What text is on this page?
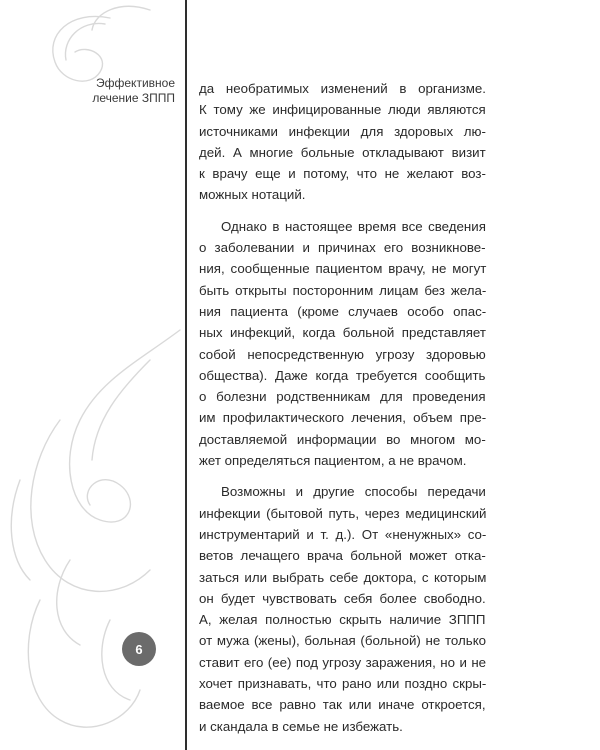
Эффективное
лечение ЗППП
6

да необратимых изменений в организме.
К тому же инфицированные люди являются
источниками инфекции для здоровых лю-
дей. А многие больные откладывают визит
к врачу еще и потому, что не желают воз-
можных нотаций.

Однако в настоящее время все сведения
о заболевании и причинах его возникнове-
ния, сообщенные пациентом врачу, не могут
быть открыты посторонним лицам без жела-
ния пациента (кроме случаев особо опас-
ных инфекций, когда больной представляет
собой непосредственную угрозу здоровью
общества). Даже когда требуется сообщить
о болезни родственникам для проведения
им профилактического лечения, объем пре-
доставляемой информации во многом мо-
жет определяться пациентом, а не врачом.

Возможны и другие способы передачи
инфекции (бытовой путь, через медицинский
инструментарий и т. д.). От «ненужных» со-
ветов лечащего врача больной может отка-
заться или выбрать себе доктора, с которым
он будет чувствовать себя более свободно.
А, желая полностью скрыть наличие ЗППП
от мужа (жены), больная (больной) не только
ставит его (ее) под угрозу заражения, но и не
хочет признавать, что рано или поздно скры-
ваемое все равно так или иначе откроется,
и скандала в семье не избежать.
